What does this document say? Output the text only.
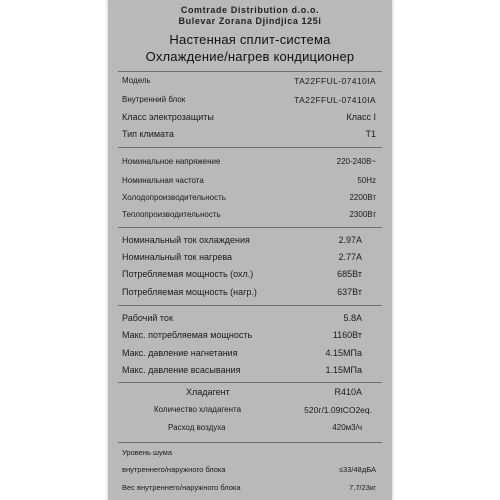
Comtrade Distribution d.o.o.
Bulevar Zorana Djindjica 125i
Настенная сплит-система
Охлаждение/нагрев кондиционер
Модель	TA22FFUL-07410IA
Внутренний блок	TA22FFUL-07410IA
Класс электрозащиты	Класс I
Тип климата	T1
Номинальное напряжение	220-240В~
Номинальная частота	50Hz
Холодопроизводительность	2200Вт
Теплопроизводительность	2300Вт
Номинальный ток охлаждения	2.97A
Номинальный ток нагрева	2.77A
Потребляемая мощность (охл.)	685Вт
Потребляемая мощность (нагр.)	637Вт
Рабочий ток	5.8A
Макс. потребляемая мощность	1160Вт
Макс. давление нагнетания	4.15МПа
Макс. давление всасывания	1.15МПа
Хладагент	R410A
Количество хладагента	520г/1.09tCO2eq.
Расход воздуха	420м3/ч
Уровень шума
внутреннего/наружного блока	≤33/48дБА
Вес внутреннего/наружного блока	7.7/23кг
